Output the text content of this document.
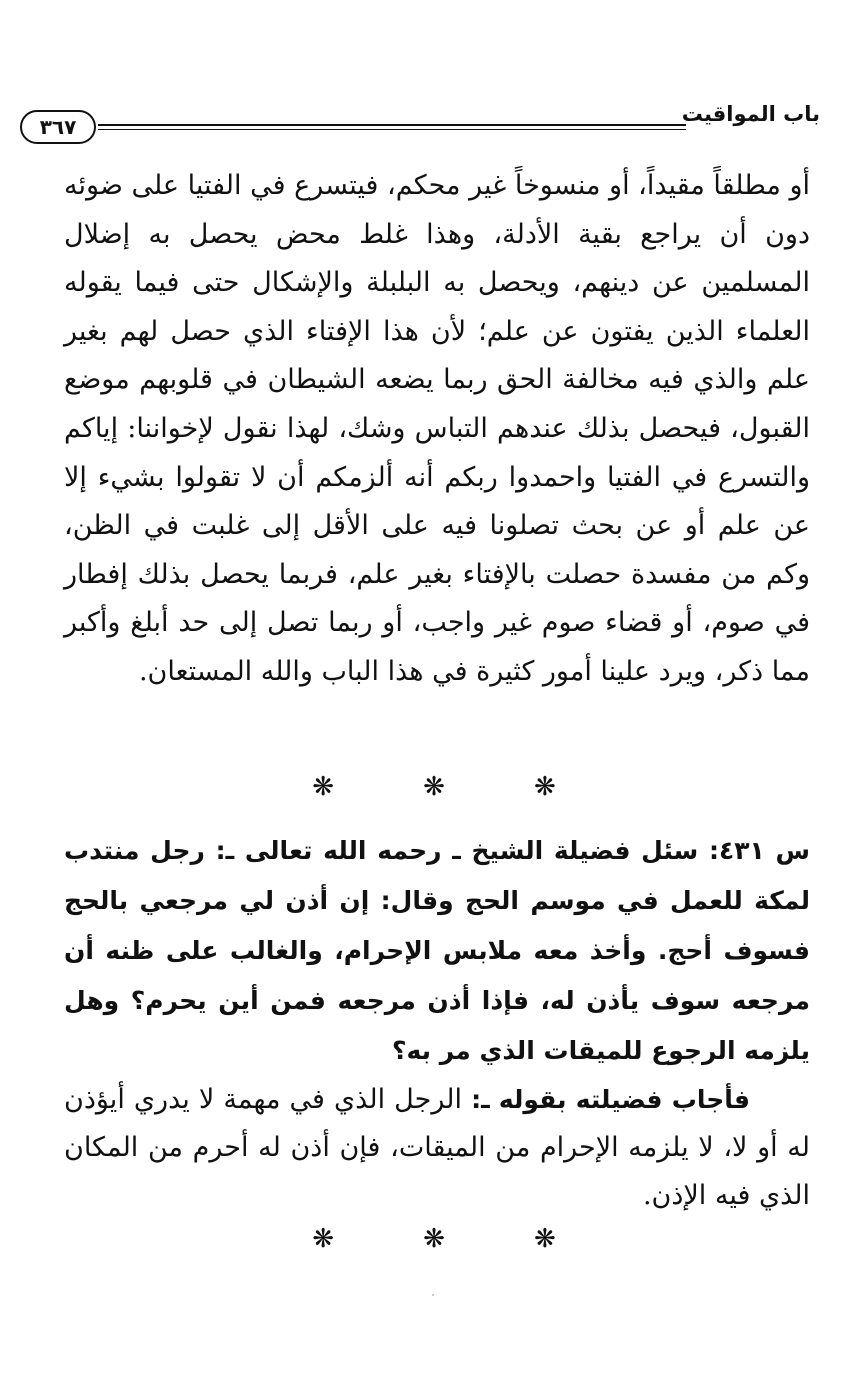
باب المواقيت
٣٦٧

أو مطلقاً مقيداً، أو منسوخاً غير محكم، فيتسرع في الفتيا على ضوئه دون أن يراجع بقية الأدلة، وهذا غلط محض يحصل به إضلال المسلمين عن دينهم، ويحصل به البلبلة والإشكال حتى فيما يقوله العلماء الذين يفتون عن علم؛ لأن هذا الإفتاء الذي حصل لهم بغير علم والذي فيه مخالفة الحق ربما يضعه الشيطان في قلوبهم موضع القبول، فيحصل بذلك عندهم التباس وشك، لهذا نقول لإخواننا: إياكم والتسرع في الفتيا واحمدوا ربكم أنه ألزمكم أن لا تقولوا بشيء إلا عن علم أو عن بحث تصلونا فيه على الأقل إلى غلبت في الظن، وكم من مفسدة حصلت بالإفتاء بغير علم، فربما يحصل بذلك إفطار في صوم، أو قضاء صوم غير واجب، أو ربما تصل إلى حد أبلغ وأكبر مما ذكر، ويرد علينا أمور كثيرة في هذا الباب والله المستعان.

❋ ❋ ❋

س ٤٣١: سئل فضيلة الشيخ ـ رحمه الله تعالى ـ: رجل منتدب لمكة للعمل في موسم الحج وقال: إن أذن لي مرجعي بالحج فسوف أحج. وأخذ معه ملابس الإحرام، والغالب على ظنه أن مرجعه سوف يأذن له، فإذا أذن مرجعه فمن أين يحرم؟ وهل يلزمه الرجوع للميقات الذي مر به؟

فأجاب فضيلته بقوله ـ: الرجل الذي في مهمة لا يدري أيؤذن له أو لا، لا يلزمه الإحرام من الميقات، فإن أذن له أحرم من المكان الذي فيه الإذن.

❋ ❋ ❋
